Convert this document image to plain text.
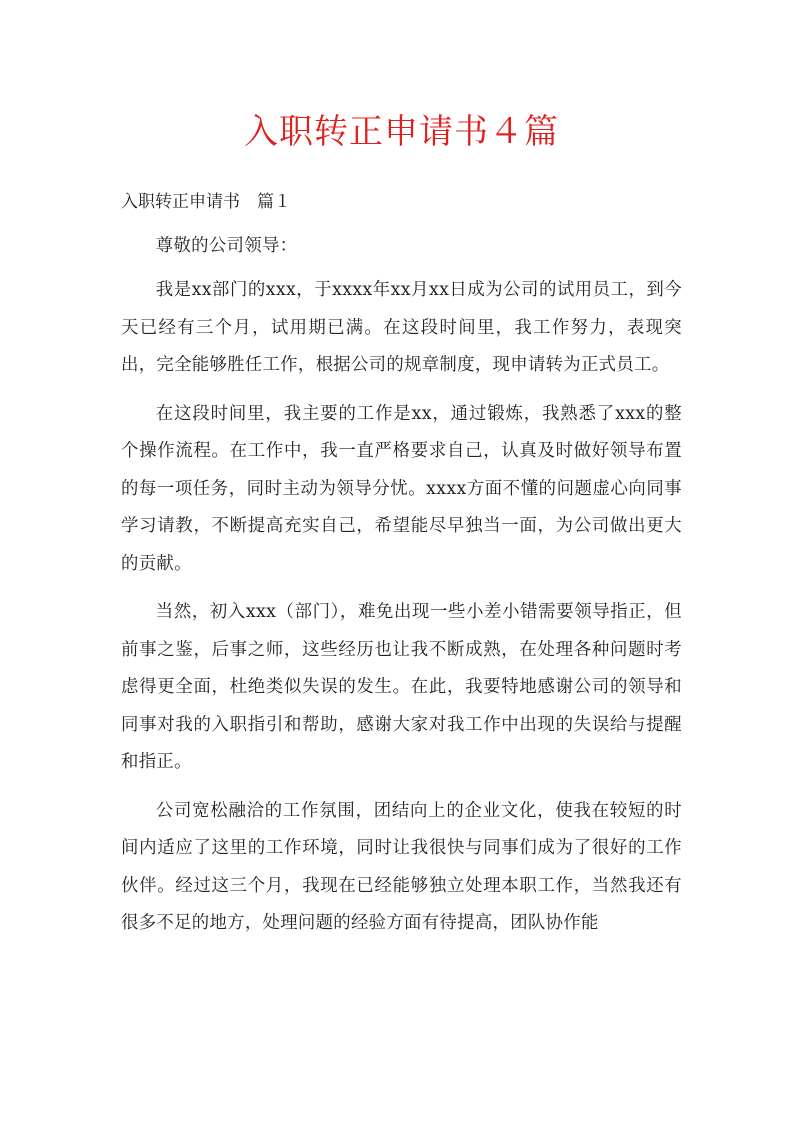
入职转正申请书４篇

入职转正申请书　篇１

尊敬的公司领导：

我是xx部门的xxx，于xxxx年xx月xx日成为公司的试用员工，到今天已经有三个月，试用期已满。在这段时间里，我工作努力，表现突出，完全能够胜任工作，根据公司的规章制度，现申请转为正式员工。

在这段时间里，我主要的工作是xx，通过锻炼，我熟悉了xxx的整个操作流程。在工作中，我一直严格要求自己，认真及时做好领导布置的每一项任务，同时主动为领导分忧。xxxx方面不懂的问题虚心向同事学习请教，不断提高充实自己，希望能尽早独当一面，为公司做出更大的贡献。

当然，初入xxx（部门），难免出现一些小差小错需要领导指正，但前事之鉴，后事之师，这些经历也让我不断成熟，在处理各种问题时考虑得更全面，杜绝类似失误的发生。在此，我要特地感谢公司的领导和同事对我的入职指引和帮助，感谢大家对我工作中出现的失误给与提醒和指正。

公司宽松融洽的工作氛围，团结向上的企业文化，使我在较短的时间内适应了这里的工作环境，同时让我很快与同事们成为了很好的工作伙伴。经过这三个月，我现在已经能够独立处理本职工作，当然我还有很多不足的地方，处理问题的经验方面有待提高，团队协作能
